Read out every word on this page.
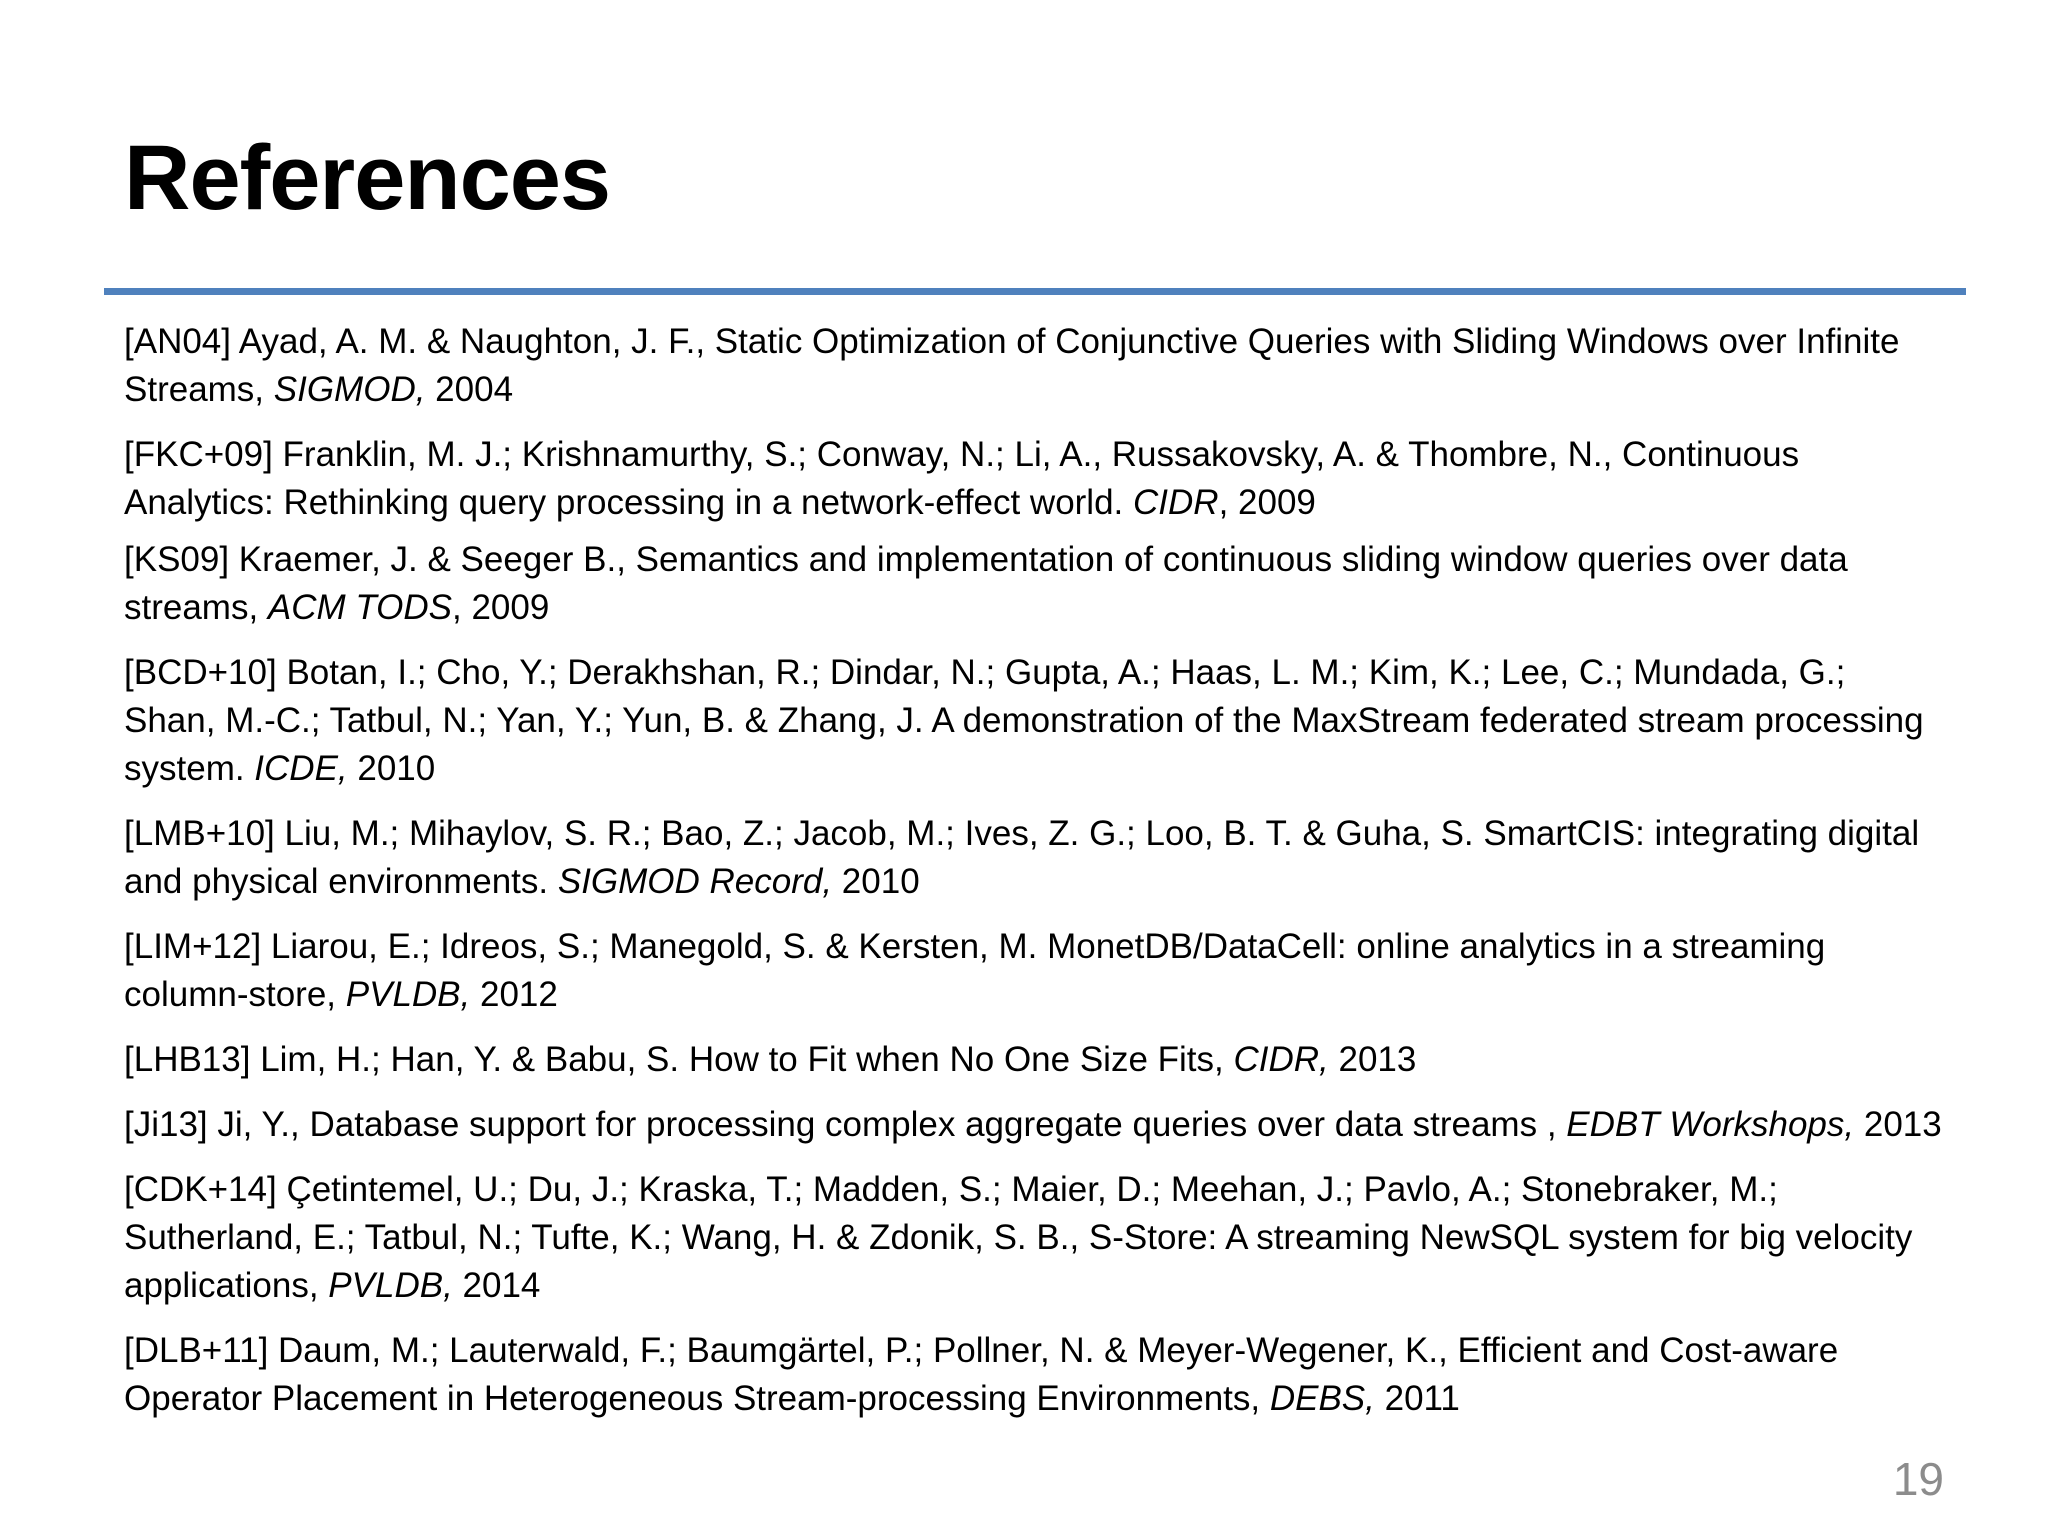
References
[AN04] Ayad, A. M. & Naughton, J. F., Static Optimization of Conjunctive Queries with Sliding Windows over Infinite Streams, SIGMOD, 2004
[FKC+09] Franklin, M. J.; Krishnamurthy, S.; Conway, N.; Li, A., Russakovsky, A. & Thombre, N., Continuous Analytics: Rethinking query processing in a network-effect world. CIDR, 2009
[KS09] Kraemer, J. & Seeger B., Semantics and implementation of continuous sliding window queries over data streams, ACM TODS, 2009
[BCD+10] Botan, I.; Cho, Y.; Derakhshan, R.; Dindar, N.; Gupta, A.; Haas, L. M.; Kim, K.; Lee, C.; Mundada, G.; Shan, M.-C.; Tatbul, N.; Yan, Y.; Yun, B. & Zhang, J. A demonstration of the MaxStream federated stream processing system. ICDE, 2010
[LMB+10] Liu, M.; Mihaylov, S. R.; Bao, Z.; Jacob, M.; Ives, Z. G.; Loo, B. T. & Guha, S. SmartCIS: integrating digital and physical environments. SIGMOD Record, 2010
[LIM+12] Liarou, E.; Idreos, S.; Manegold, S. & Kersten, M. MonetDB/DataCell: online analytics in a streaming column-store, PVLDB, 2012
[LHB13] Lim, H.; Han, Y. & Babu, S. How to Fit when No One Size Fits, CIDR, 2013
[Ji13] Ji, Y., Database support for processing complex aggregate queries over data streams , EDBT Workshops, 2013
[CDK+14] Çetintemel, U.; Du, J.; Kraska, T.; Madden, S.; Maier, D.; Meehan, J.; Pavlo, A.; Stonebraker, M.; Sutherland, E.; Tatbul, N.; Tufte, K.; Wang, H. & Zdonik, S. B., S-Store: A streaming NewSQL system for big velocity applications, PVLDB, 2014
[DLB+11] Daum, M.; Lauterwald, F.; Baumgärtel, P.; Pollner, N. & Meyer-Wegener, K., Efficient and Cost-aware Operator Placement in Heterogeneous Stream-processing Environments, DEBS, 2011
19
